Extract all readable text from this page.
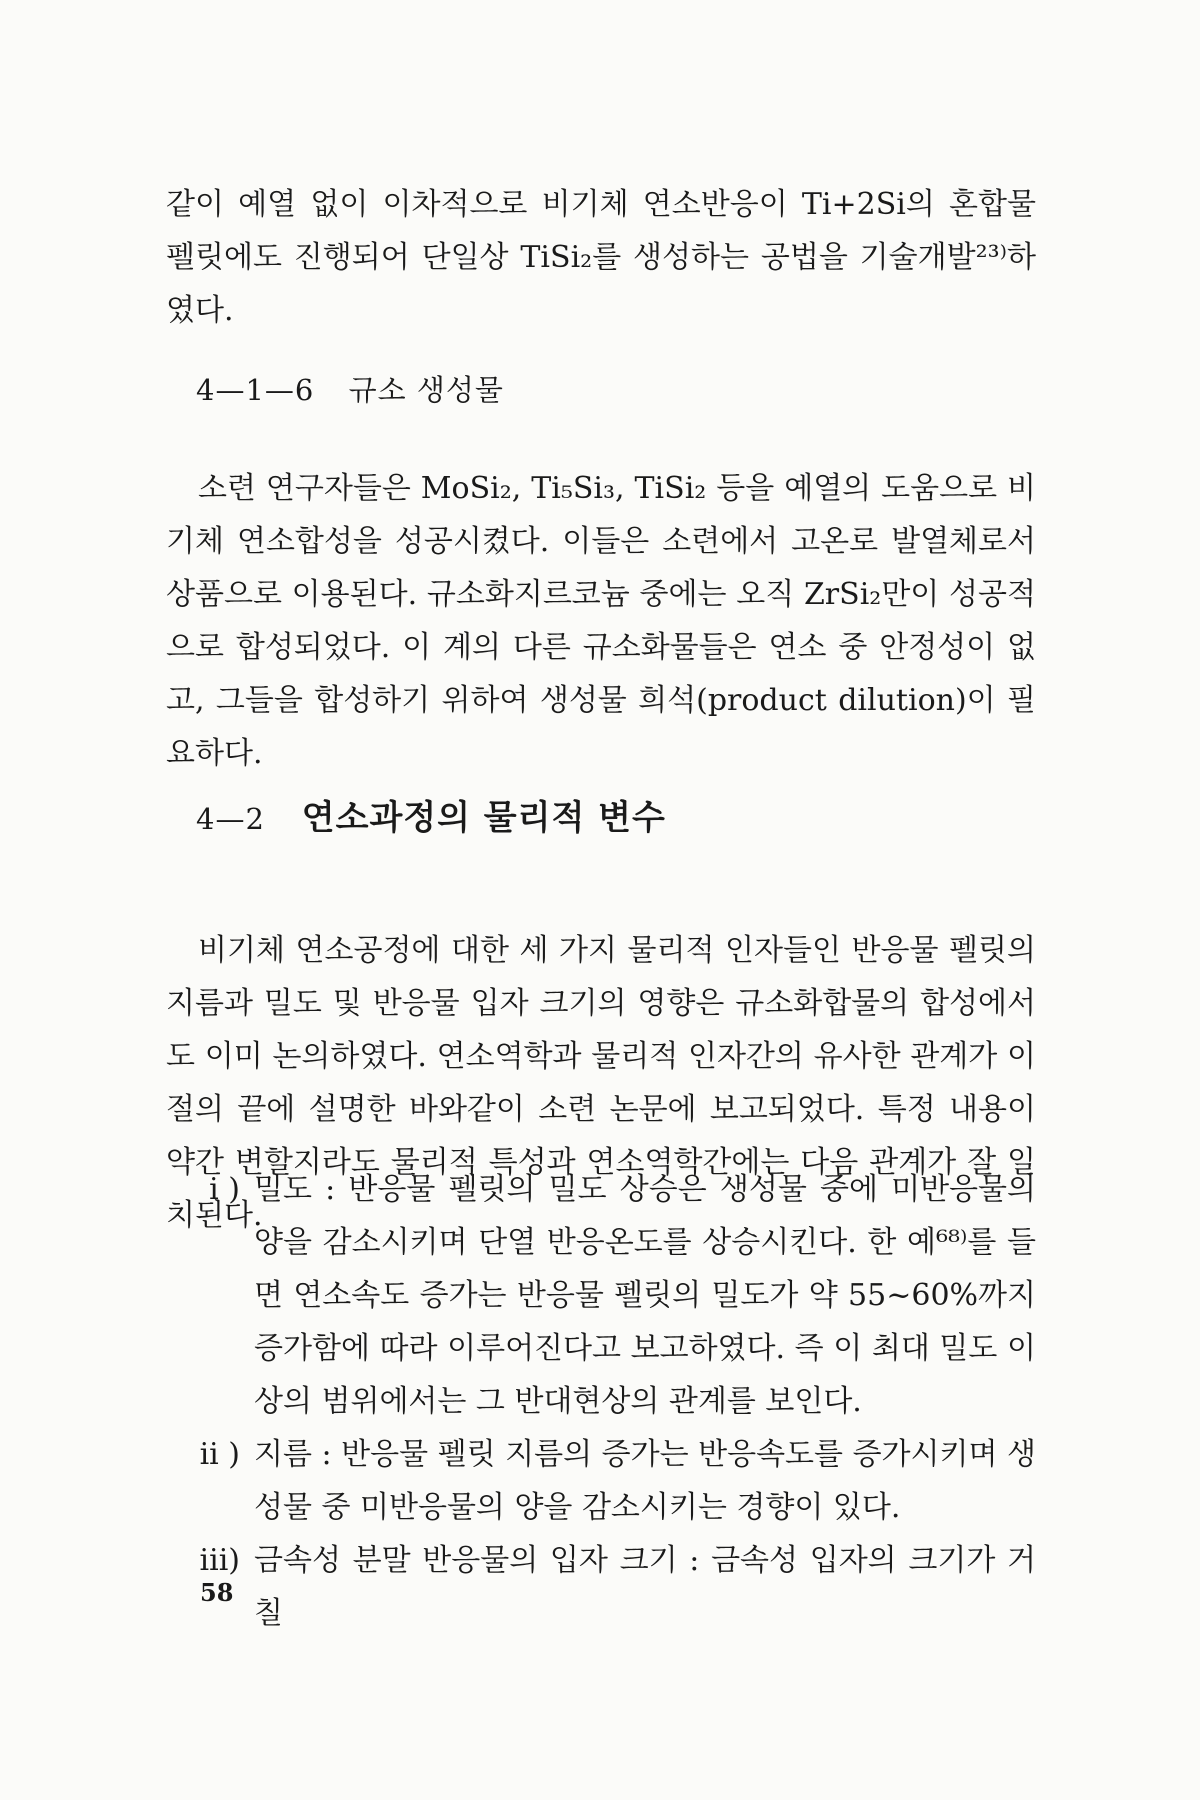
같이 예열 없이 이차적으로 비기체 연소반응이 Ti+2Si의 혼합물 펠릿에도 진행되어 단일상 TiSi₂를 생성하는 공법을 기술개발²³⁾하였다.

4—1—6 규소 생성물

소련 연구자들은 MoSi₂, Ti₅Si₃, TiSi₂ 등을 예열의 도움으로 비기체 연소합성을 성공시켰다. 이들은 소련에서 고온로 발열체로서 상품으로 이용된다. 규소화지르코늄 중에는 오직 ZrSi₂만이 성공적으로 합성되었다. 이 계의 다른 규소화물들은 연소 중 안정성이 없고, 그들을 합성하기 위하여 생성물 희석(product dilution)이 필요하다.

4—2 연소과정의 물리적 변수

비기체 연소공정에 대한 세 가지 물리적 인자들인 반응물 펠릿의 지름과 밀도 및 반응물 입자 크기의 영향은 규소화합물의 합성에서도 이미 논의하였다. 연소역학과 물리적 인자간의 유사한 관계가 이 절의 끝에 설명한 바와같이 소련 논문에 보고되었다. 특정 내용이 약간 변할지라도 물리적 특성과 연소역학간에는 다음 관계가 잘 일치된다.

i ) 밀도 : 반응물 펠릿의 밀도 상승은 생성물 중에 미반응물의 양을 감소시키며 단열 반응온도를 상승시킨다. 한 예⁶⁸⁾를 들면 연소속도 증가는 반응물 펠릿의 밀도가 약 55~60%까지 증가함에 따라 이루어진다고 보고하였다. 즉 이 최대 밀도 이상의 범위에서는 그 반대현상의 관계를 보인다.
ii ) 지름 : 반응물 펠릿 지름의 증가는 반응속도를 증가시키며 생성물 중 미반응물의 양을 감소시키는 경향이 있다.
iii) 금속성 분말 반응물의 입자 크기 : 금속성 입자의 크기가 거칠
58
